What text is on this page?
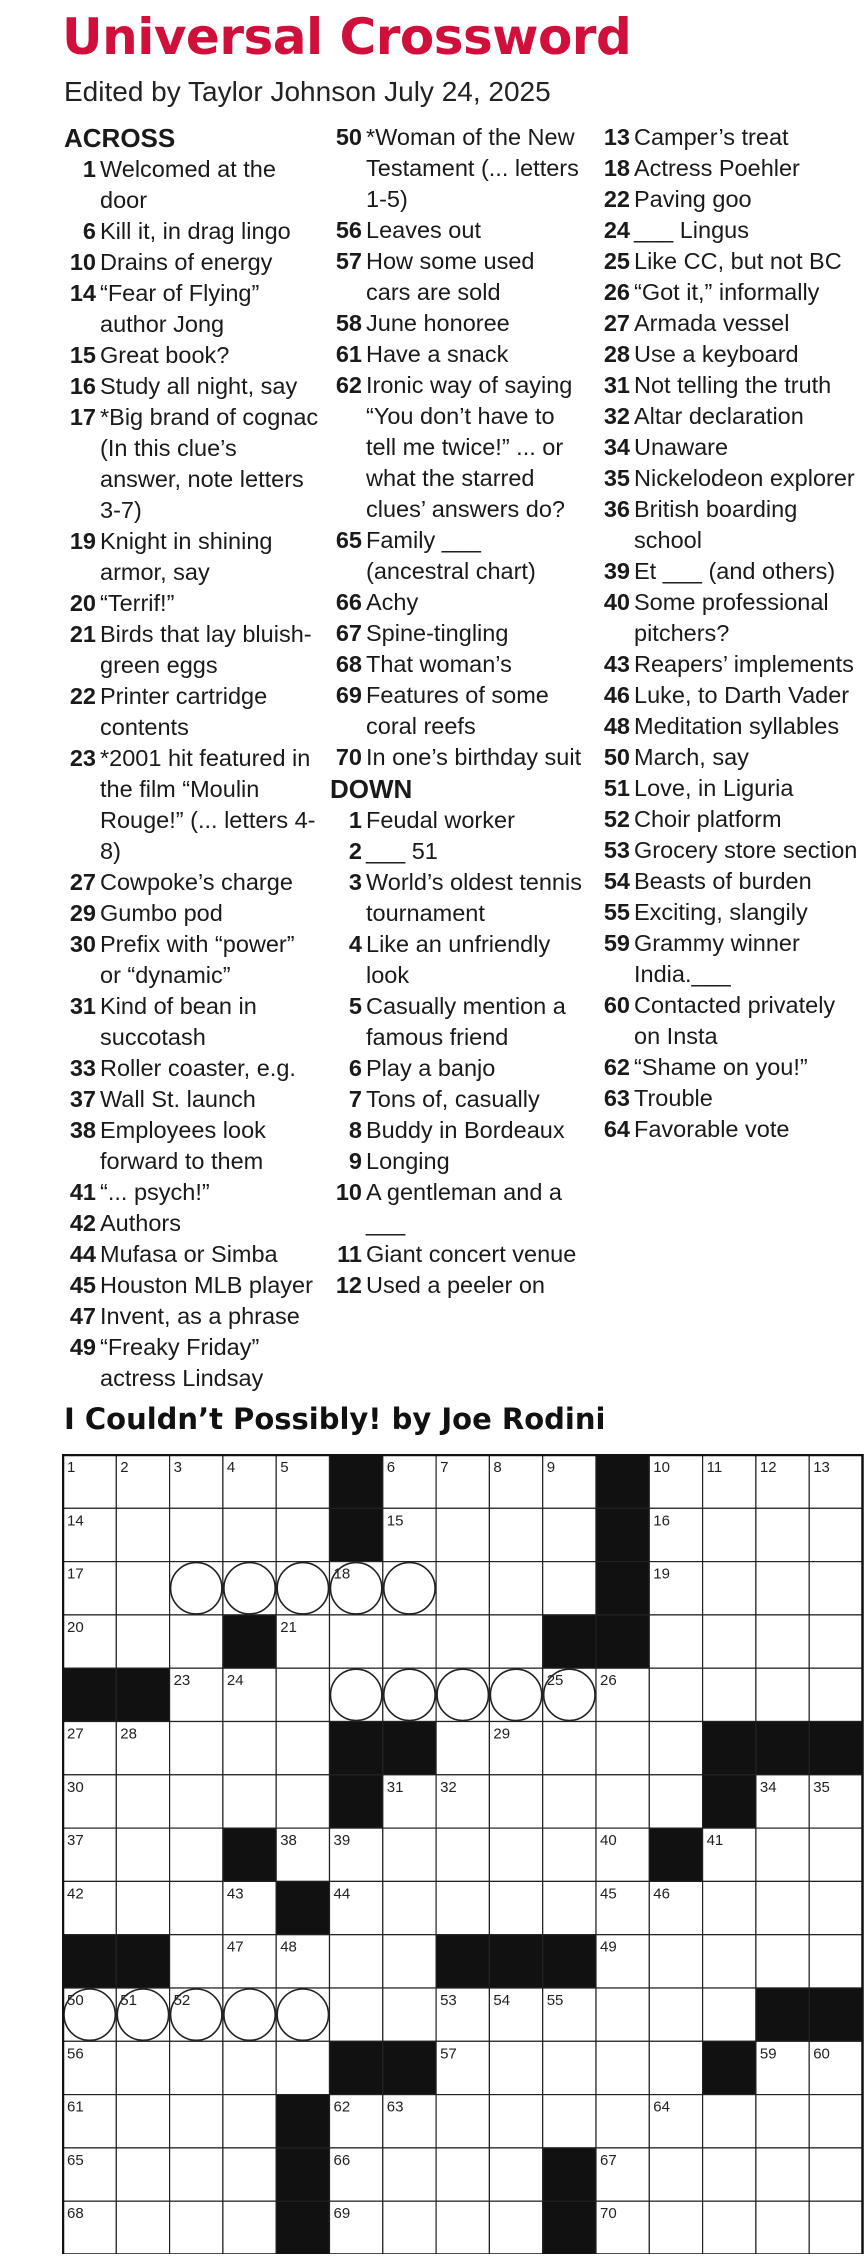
Universal Crossword
Edited by Taylor Johnson July 24, 2025
ACROSS
1 Welcomed at the door
6 Kill it, in drag lingo
10 Drains of energy
14 “Fear of Flying” author Jong
15 Great book?
16 Study all night, say
17 *Big brand of cognac (In this clue’s answer, note letters 3-7)
19 Knight in shining armor, say
20 “Terrif!”
21 Birds that lay bluish-green eggs
22 Printer cartridge contents
23 *2001 hit featured in the film “Moulin Rouge!” (... letters 4-8)
27 Cowpoke’s charge
29 Gumbo pod
30 Prefix with “power” or “dynamic”
31 Kind of bean in succotash
33 Roller coaster, e.g.
37 Wall St. launch
38 Employees look forward to them
41 “... psych!”
42 Authors
44 Mufasa or Simba
45 Houston MLB player
47 Invent, as a phrase
49 “Freaky Friday” actress Lindsay
50 *Woman of the New Testament (... letters 1-5)
56 Leaves out
57 How some used cars are sold
58 June honoree
61 Have a snack
62 Ironic way of saying “You don’t have to tell me twice!” ... or what the starred clues’ answers do?
65 Family ___ (ancestral chart)
66 Achy
67 Spine-tingling
68 That woman’s
69 Features of some coral reefs
70 In one’s birthday suit
DOWN
1 Feudal worker
2 ___ 51
3 World’s oldest tennis tournament
4 Like an unfriendly look
5 Casually mention a famous friend
6 Play a banjo
7 Tons of, casually
8 Buddy in Bordeaux
9 Longing
10 A gentleman and a ___
11 Giant concert venue
12 Used a peeler on
13 Camper’s treat
18 Actress Poehler
22 Paving goo
24 ___ Lingus
25 Like CC, but not BC
26 “Got it,” informally
27 Armada vessel
28 Use a keyboard
31 Not telling the truth
32 Altar declaration
34 Unaware
35 Nickelodeon explorer
36 British boarding school
39 Et ___ (and others)
40 Some professional pitchers?
43 Reapers’ implements
46 Luke, to Darth Vader
48 Meditation syllables
50 March, say
51 Love, in Liguria
52 Choir platform
53 Grocery store section
54 Beasts of burden
55 Exciting, slangily
59 Grammy winner India.___
60 Contacted privately on Insta
62 “Shame on you!”
63 Trouble
64 Favorable vote
I Couldn’t Possibly! by Joe Rodini
1	2	3	4	5	6	7	8	9	10 11	12 13
14	15	16
17	18	19
20	21
23 24	25 26
27 28	29
30	31 32	34 35
37	38 39	40	41
42	43	44	45 46
47 48	49
50 51 52	53 54 55
56	57	59 60
61	62 63	64
65	66	67
68	69	70
